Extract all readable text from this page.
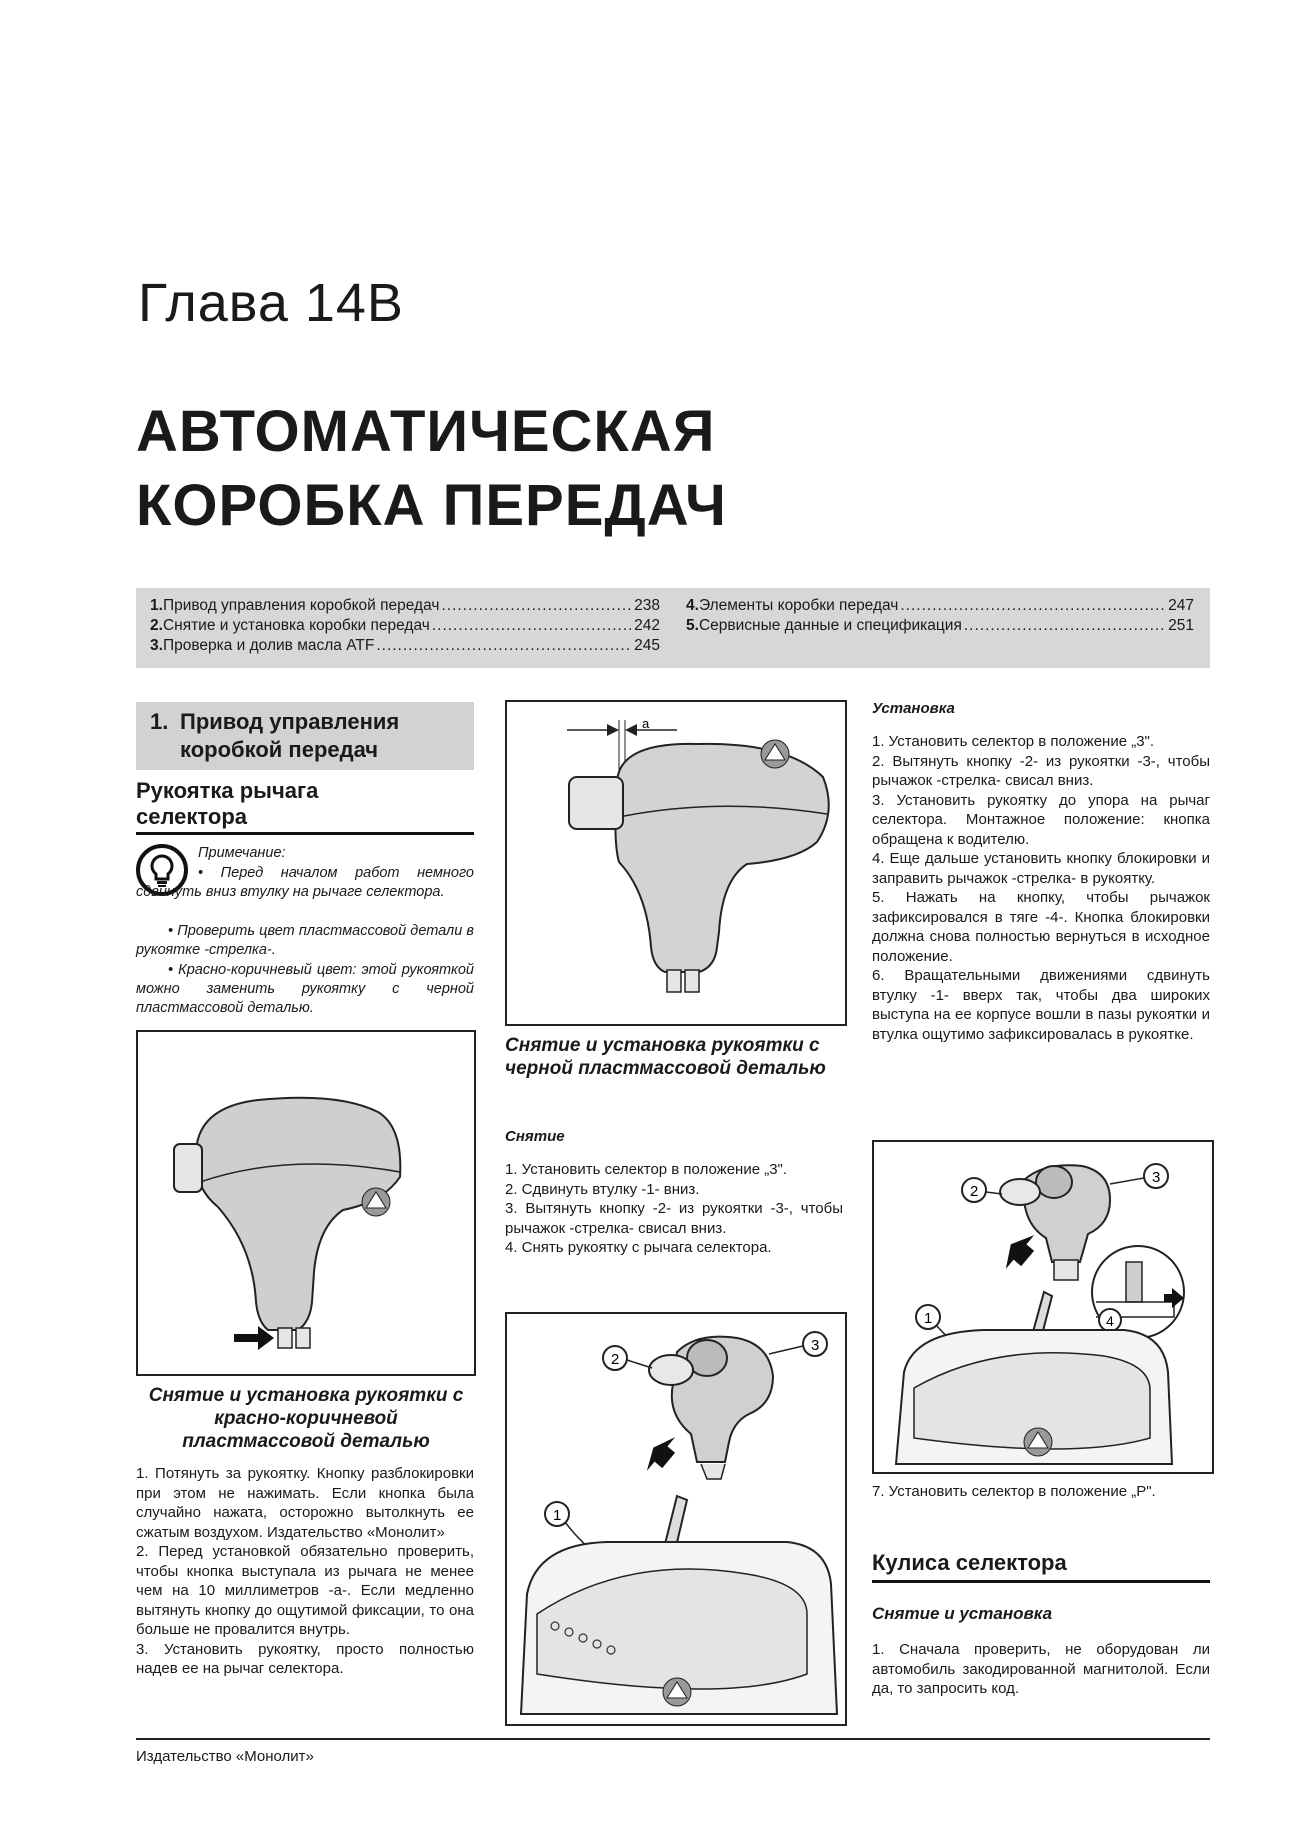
Глава 14В
АВТОМАТИЧЕСКАЯ
КОРОБКА ПЕРЕДАЧ
1. Привод управления коробкой передач .....	238
2. Снятие и установка коробки передач .....	242
3. Проверка и долив масла ATF .....	245
4. Элементы коробки передач .....	247
5. Сервисные данные и спецификация .....	251
1. Привод управления
коробкой передач
Рукоятка рычага
селектора

Примечание:

• Перед началом работ немного сдвинуть вниз втулку на рычаге селектора.

• Проверить цвет пластмассовой детали в рукоятке -стрелка-.

• Красно-коричневый цвет: этой рукояткой можно заменить рукоятку с черной пластмассовой деталью.

Снятие и установка рукоятки с красно-коричневой пластмассовой деталью

1. Потянуть за рукоятку. Кнопку разблокировки при этом не нажимать. Если кнопка была случайно нажата, осторожно вытолкнуть ее сжатым воздухом. Издательство «Монолит»

2. Перед установкой обязательно проверить, чтобы кнопка выступала из рычага не менее чем на 10 миллиметров -а-. Если медленно вытянуть кнопку до ощутимой фиксации, то она больше не провалится внутрь.

3. Установить рукоятку, просто полностью надев ее на рычаг селектора.

a
Снятие и установка рукоятки с черной пластмассовой деталью
Снятие

1. Установить селектор в положение „3".

2. Сдвинуть втулку -1- вниз.

3. Вытянуть кнопку -2- из рукоятки -3-, чтобы рычажок -стрелка- свисал вниз.

4. Снять рукоятку с рычага селектора.

2
3
1
Установка

1. Установить селектор в положение „3".

2. Вытянуть кнопку -2- из рукоятки -3-, чтобы рычажок -стрелка- свисал вниз.

3. Установить рукоятку до упора на рычаг селектора. Монтажное положение: кнопка обращена к водителю.

4. Еще дальше установить кнопку блокировки и заправить рычажок -стрелка- в рукоятку.

5. Нажать на кнопку, чтобы рычажок зафиксировался в тяге -4-. Кнопка блокировки должна снова полностью вернуться в исходное положение.

6. Вращательными движениями сдвинуть втулку -1- вверх так, чтобы два широких выступа на ее корпусе вошли в пазы рукоятки и втулка ощутимо зафиксировалась в рукоятке.

2
3
1	4

7. Установить селектор в положение „P".

Кулиса селектора
Снятие и установка

1. Сначала проверить, не оборудован ли автомобиль закодированной магнитолой. Если да, то запросить код.

Издательство «Монолит»
